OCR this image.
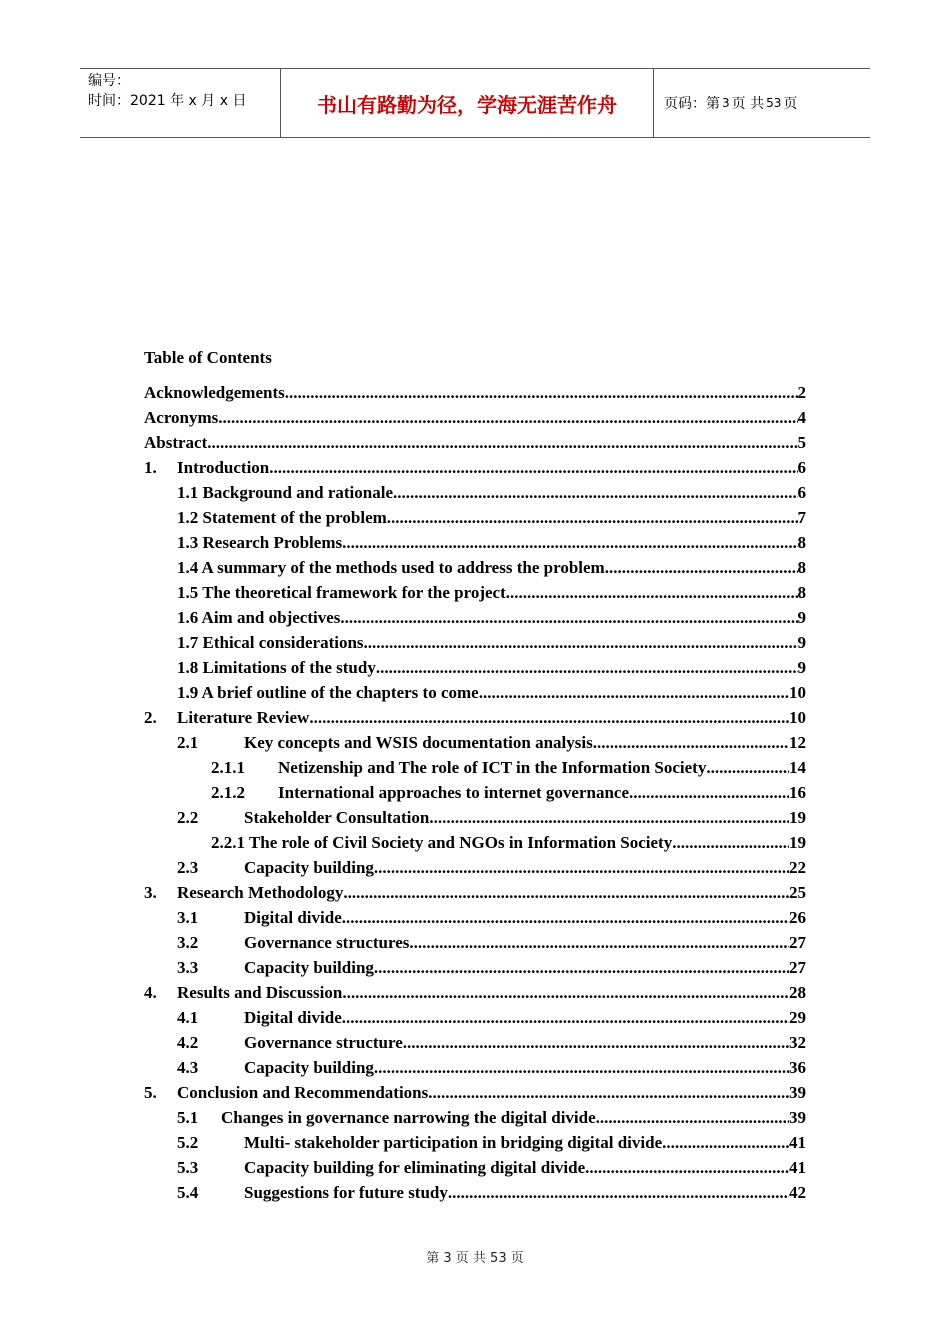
编号：
时间：2021 年 x 月 x 日	书山有路勤为径，学海无涯苦作舟	页码：第 3 页 共 53 页
Table of Contents
Acknowledgements .....	2
Acronyms .....	4
Abstract .....	5
1.	Introduction .....	6
1.1 Background and rationale .....	6
1.2 Statement of the problem .....	7
1.3 Research Problems .....	8
1.4 A summary of the methods used to address the problem .....	8
1.5 The theoretical framework for the project .....	8
1.6 Aim and objectives .....	9
1.7 Ethical considerations .....	9
1.8 Limitations of the study .....	9
1.9 A brief outline of the chapters to come .....	10
2.	Literature Review .....	10
2.1	Key concepts and WSIS documentation analysis .....	12
2.1.1	Netizenship and The role of ICT in the Information Society .....	14
2.1.2	International approaches to internet governance .....	16
2.2	Stakeholder Consultation .....	19
2.2.1 The role of Civil Society and NGOs in Information Society .....	19
2.3	Capacity building .....	22
3.	Research Methodology .....	25
3.1	Digital divide .....	26
3.2	Governance structures .....	27
3.3	Capacity building .....	27
4.	Results and Discussion .....	28
4.1	Digital divide .....	29
4.2	Governance structure .....	32
4.3	Capacity building .....	36
5.	Conclusion and Recommendations .....	39
5.1	Changes in governance narrowing the digital divide .....	39
5.2	Multi- stakeholder participation in bridging digital divide .....	41
5.3	Capacity building for eliminating digital divide .....	41
5.4	Suggestions for future study .....	42
第 3 页 共 53 页
